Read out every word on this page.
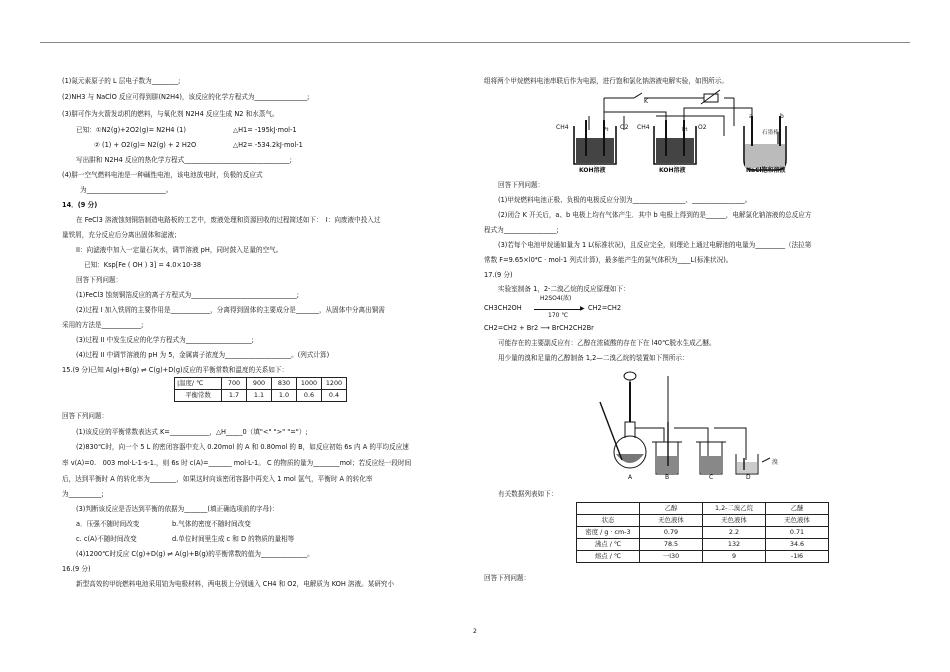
(1)氮元素原子的 L 层电子数为________;
(2)NH3 与 NaClO 反应可得到肼(N2H4)，该反应的化学方程式为________________;
(3)肼可作为火箭发动机的燃料，与氧化剂 N2H4 反应生成 N2 和水蒸气。
已知：①N2(g)+2O2(g)= N2H4 (1)	△H1= -195kJ·mol-1
② (1) + O2(g)= N2(g) + 2 H2O	△H2= -534.2kJ·mol-1
写出肼和 N2H4 反应的热化学方程式________________________________;
(4)肼一空气燃料电池是一种碱性电池，该电池放电时，负极的反应式
为________________________。
14．(9 分)
在 FeCl3 溶液蚀刻铜箔制造电路板的工艺中，废液处理和资源回收的过程简述如下：　I：向废液中投入过
量铁屑，充分反应后分离出固体和滤液；
II：向滤液中加入一定量石灰水，调节溶液 pH，同时鼓入足量的空气。
已知：Ksp[Fe ( OH ) 3] = 4.0×10-38
回答下列问题：
(1)FeCl3 蚀刻铜箔反应的离子方程式为________________________________;
(2)过程 I 加入铁屑的主要作用是____________，分离得到固体的主要成分是_______，从固体中分离出铜需
采用的方法是____________;
(3)过程 II 中发生反应的化学方程式为____________________;
(4)过程 II 中调节溶液的 pH 为 5，金属离子浓度为____________________。(列式计算)
15.(9 分)已知 A(g)+B(g) ⇌ C(g)+D(g)反应的平衡常数和温度的关系如下：
|温度/ ℃	700	900	830	1000	1200
平衡常数	1.7	1.1	1.0	0.6	0.4
回答下列问题：
(1)该反应的平衡常数表达式 K=____________，△H_____0（填"<" ">" "="）;
(2)830℃时，向一个 5 L 的密闭容器中充入 0.20mol 的 A 和 0.80mol 的 B，如反应初始 6s 内 A 的平均反应速
率 v(A)=0.　003 mol·L-1·s-1.，则 6s 时 c(A)=_______ mol·L-1。 C 的物质的量为________mol；若反应经一段时间
后，达到平衡时 A 的转化率为________，如果这时向该密闭容器中再充入 1 mol 氩气，平衡时 A 的转化率
为__________;
(3)判断该反应是否达到平衡的依据为_______(填正确选项前的字母)：
a．压强不随时间改变	b.气体的密度不随时间改变
c. c(A)不随时间改变	d.单位时间里生成 c 和 D 的物质的量相等
(4)1200℃时反应 C(g)+D(g) ⇌ A(g)+B(g)的平衡常数的值为______________。
16.(9 分)
新型高效的甲烷燃料电池采用铂为电极材料，两电极上分别通入 CH4 和 O2，电解质为 KOH 溶液。某研究小
组将两个甲烷燃料电池串联后作为电源，进行饱和氯化钠溶液电解实验，如图所示。
CH4	O2 CH4	O2
K
Pt	Pt
a	b
石墨棒
KOH溶液	KOH溶液	NaCl饱和溶液
回答下列问题：
(1)甲烷燃料电池正极、负极的电极反应分别为________________、________________。
(2)闭合 K 开关后，a、b 电极上均有气体产生．其中 b 电极上得到的是______，电解氯化钠溶液的总反应方
程式为________________;
(3)若每个电池甲烷通如量为 1 L(标准状况)，且反应完全，则理论上通过电解池的电量为_________（法拉第
常数 F=9.65×l0⁴C · mol-1 列式计算)，最多能产生的氯气体积为____L(标准状况)。
17.(9 分)
实验室制备 1，2-二溴乙烷的反应原理如下：
CH3CH2OH
H2SO4(浓)
▶
170 ℃
CH2=CH2
CH2=CH2 + Br2 ⟶ BrCH2CH2Br
可能存在的主要副反应有：乙醇在浓硫酸的存在下在 l40℃脱水生成乙醚。
用少量的溴和足量的乙醇制备 1,2—二溴乙烷的装置如下图所示：
A	B	C	D
溴
有关数据列表如下：
	乙醇	1,2-二溴乙烷	乙醚
状态	无色液体	无色液体	无色液体
密度 / g · cm-3	0.79	2.2	0.71
沸点 / ℃	78.5	132	34.6
熔点 / ℃	一l30	9	-1l6
回答下列问题：
2
